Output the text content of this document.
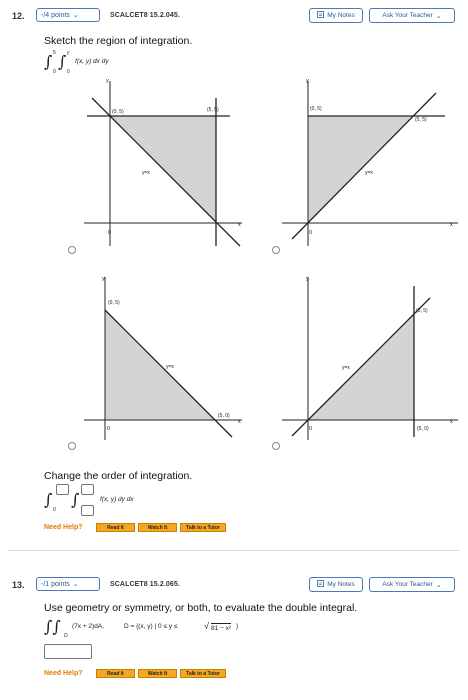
12. -/4 points ⌄	SCALCET8 15.2.045.	My Notes	Ask Your Teacher ⌄
Sketch the region of integration.
∫ 5
0
∫ y
0
f(x, y) dx dy
y
x
0
(0, 5)	(5, 5)
y=x
y
x
0
(0, 5)
(5, 5)
y=x
y
x
0
(0, 5)
(5, 0)
y=x
y
x
0	(5, 0)
(5, 5)
y=x
Change the order of integration.
∫
0
∫	f(x, y) dy dx
Need Help?	Read It	Watch It	Talk to a Tutor
13. -/1 points ⌄	SCALCET8 15.2.065.	My Notes	Ask Your Teacher ⌄
Use geometry or symmetry, or both, to evaluate the double integral.
∫∫ D
(7x + 2)dA,	D = {(x, y) | 0 ≤ y ≤	√ 81 − x² }
Need Help?	Read It	Watch It	Talk to a Tutor
